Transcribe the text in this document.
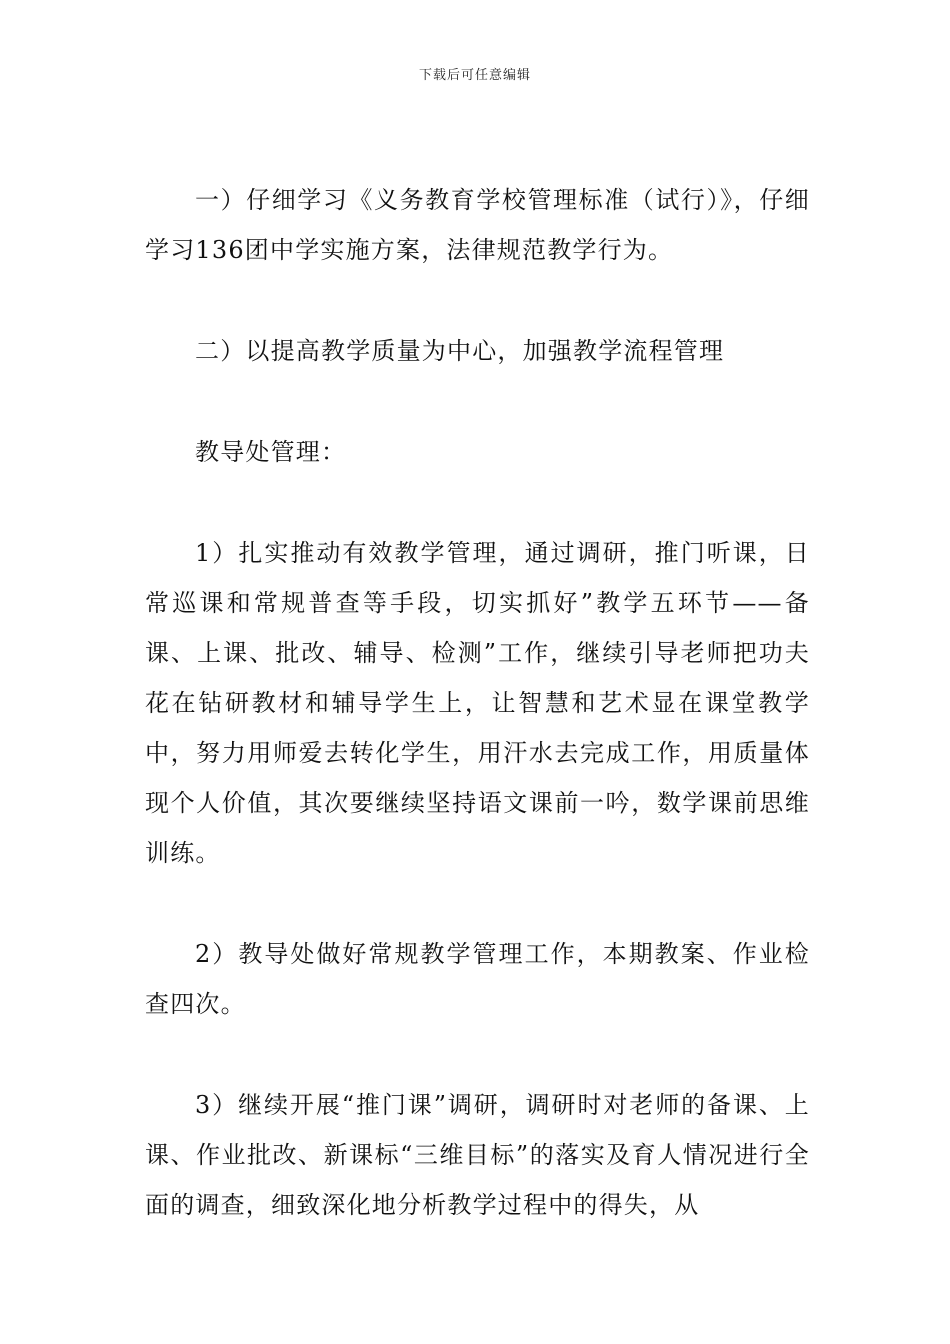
下载后可任意编辑

一）仔细学习《义务教育学校管理标准（试行）》，仔细学习136团中学实施方案，法律规范教学行为。

二）以提高教学质量为中心，加强教学流程管理

教导处管理：

1）扎实推动有效教学管理，通过调研，推门听课，日常巡课和常规普查等手段，切实抓好”教学五环节——备课、上课、批改、辅导、检测”工作，继续引导老师把功夫花在钻研教材和辅导学生上，让智慧和艺术显在课堂教学中，努力用师爱去转化学生，用汗水去完成工作，用质量体现个人价值，其次要继续坚持语文课前一吟，数学课前思维训练。

2）教导处做好常规教学管理工作，本期教案、作业检查四次。

3）继续开展“推门课”调研，调研时对老师的备课、上课、作业批改、新课标“三维目标”的落实及育人情况进行全面的调查，细致深化地分析教学过程中的得失，从
